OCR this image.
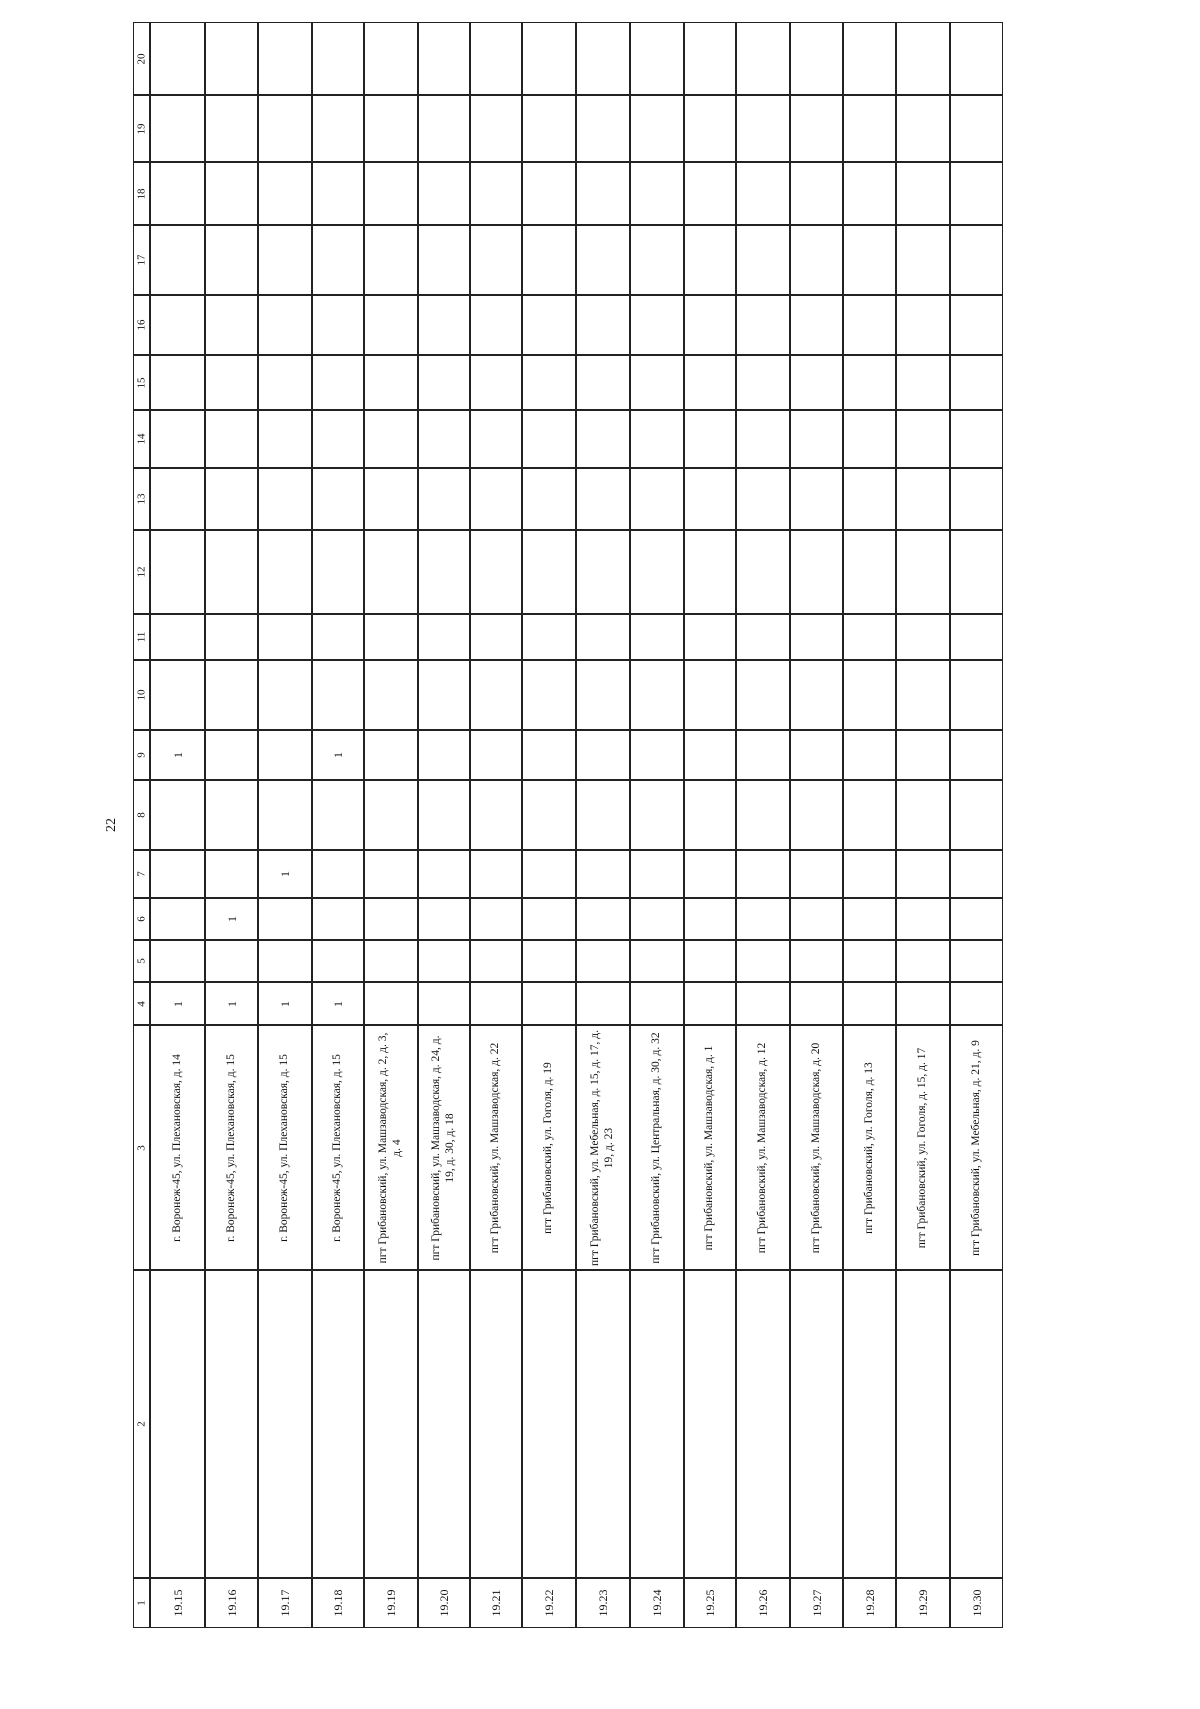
22
1
2
3
4
5
6
7
8
9
10
11
12
13
14
15
16
17
18
19
20
19.15
г. Воронеж-45, ул. Плехановская, д. 14
1
1
19.16
г. Воронеж-45, ул. Плехановская, д. 15
1
1
19.17
г. Воронеж-45, ул. Плехановская, д. 15
1
1
19.18
г. Воронеж-45, ул. Плехановская, д. 15
1
1
19.19
пгт Грибановский, ул. Машзаводская, д. 2, д. 3, д. 4
19.20
пгт Грибановский, ул. Машзаводская, д. 24, д. 19, д. 30, д. 18
19.21
пгт Грибановский, ул. Машзаводская, д. 22
19.22
пгт Грибановский, ул. Гоголя, д. 19
19.23
пгт Грибановский, ул. Мебельная, д. 15, д. 17, д. 19, д. 23
19.24
пгт Грибановский, ул. Центральная, д. 30, д. 32
19.25
пгт Грибановский, ул. Машзаводская, д. 1
19.26
пгт Грибановский, ул. Машзаводская, д. 12
19.27
пгт Грибановский, ул. Машзаводская, д. 20
19.28
пгт Грибановский, ул. Гоголя, д. 13
19.29
пгт Грибановский, ул. Гоголя, д. 15, д. 17
19.30
пгт Грибановский, ул. Мебельная, д. 21, д. 9
